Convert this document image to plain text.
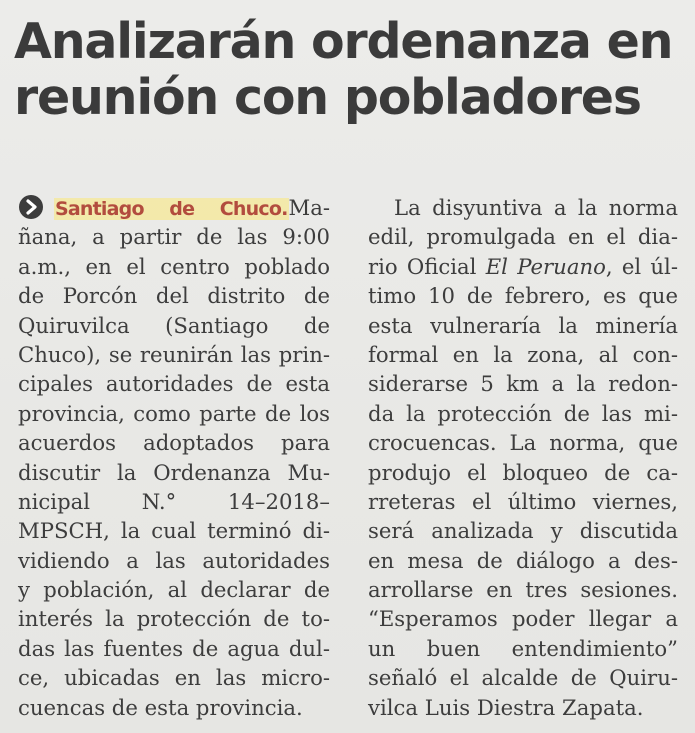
Analizarán ordenanza en
reunión con pobladores
Santiago de Chuco.Ma-
ñana, a partir de las 9:00
a.m., en el centro poblado
de Porcón del distrito de
Quiruvilca (Santiago de
Chuco), se reunirán las prin-
cipales autoridades de esta
provincia, como parte de los
acuerdos adoptados para
discutir la Ordenanza Mu-
nicipal N.° 14–2018–
MPSCH, la cual terminó di-
vidiendo a las autoridades
y población, al declarar de
interés la protección de to-
das las fuentes de agua dul-
ce, ubicadas en las micro-
cuencas de esta provincia.
La disyuntiva a la norma
edil, promulgada en el dia-
rio Oficial El Peruano, el úl-
timo 10 de febrero, es que
esta vulneraría la minería
formal en la zona, al con-
siderarse 5 km a la redon-
da la protección de las mi-
crocuencas. La norma, que
produjo el bloqueo de ca-
rreteras el último viernes,
será analizada y discutida
en mesa de diálogo a des-
arrollarse en tres sesiones.
“Esperamos poder llegar a
un buen entendimiento”
señaló el alcalde de Quiru-
vilca Luis Diestra Zapata.
